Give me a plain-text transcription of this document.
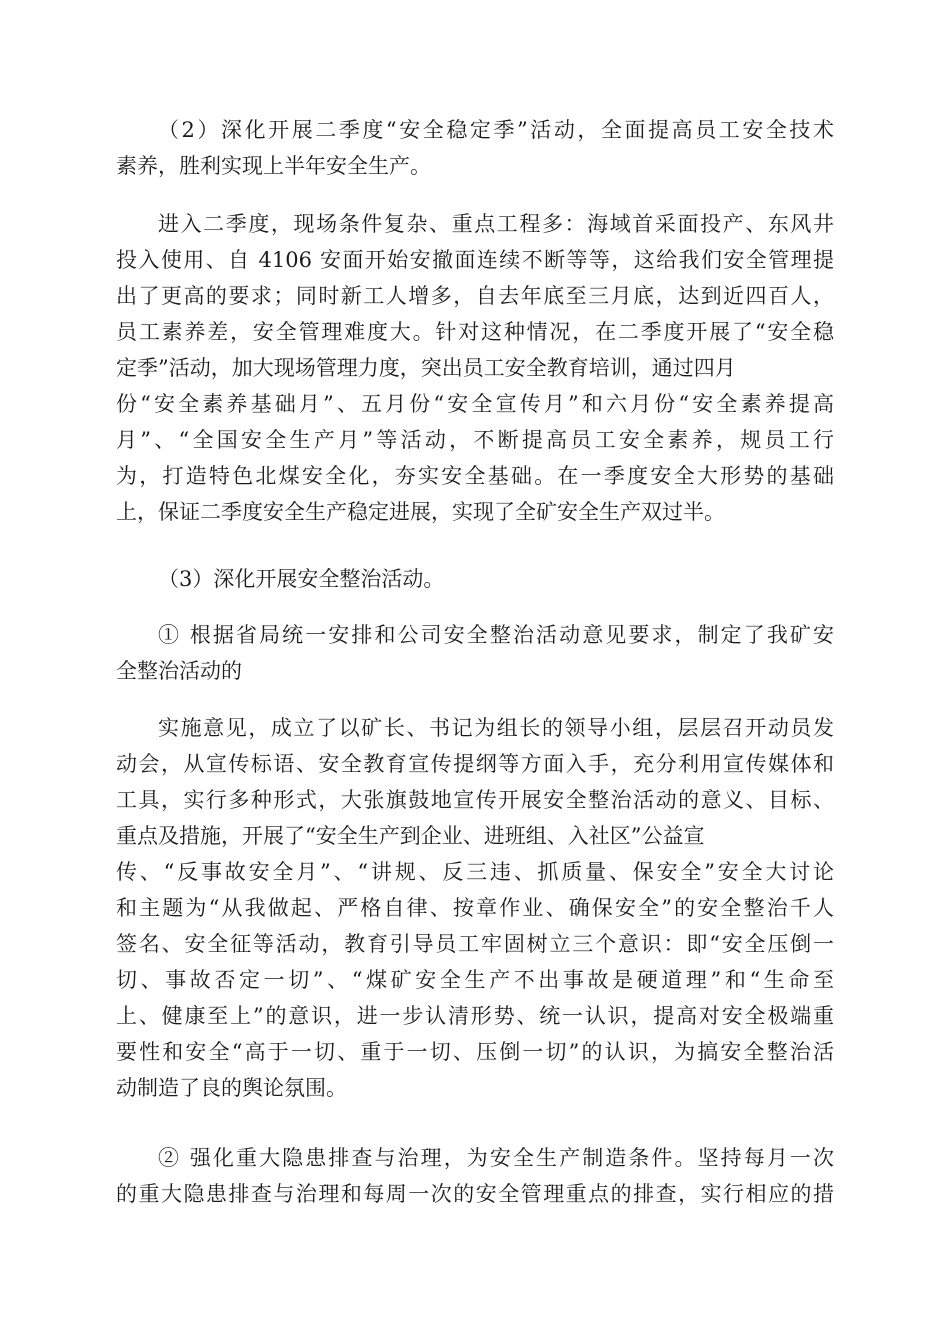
（2）深化开展二季度“安全稳定季”活动，全面提高员工安全技术
素养，胜利实现上半年安全生产。
进入二季度，现场条件复杂、重点工程多：海域首采面投产、东风井
投入使用、自 4106 安面开始安撤面连续不断等等，这给我们安全管理提
出了更高的要求；同时新工人增多，自去年底至三月底，达到近四百人，
员工素养差，安全管理难度大。针对这种情况，在二季度开展了“安全稳
定季”活动，加大现场管理力度，突出员工安全教育培训，通过四月
份“安全素养基础月”、五月份“安全宣传月”和六月份“安全素养提高
月”、“全国安全生产月”等活动，不断提高员工安全素养，规员工行
为，打造特色北煤安全化，夯实安全基础。在一季度安全大形势的基础
上，保证二季度安全生产稳定进展，实现了全矿安全生产双过半。
（3）深化开展安全整治活动。
① 根据省局统一安排和公司安全整治活动意见要求，制定了我矿安
全整治活动的
实施意见，成立了以矿长、书记为组长的领导小组，层层召开动员发
动会，从宣传标语、安全教育宣传提纲等方面入手，充分利用宣传媒体和
工具，实行多种形式，大张旗鼓地宣传开展安全整治活动的意义、目标、
重点及措施，开展了“安全生产到企业、进班组、入社区”公益宣
传、“反事故安全月”、“讲规、反三违、抓质量、保安全”安全大讨论
和主题为“从我做起、严格自律、按章作业、确保安全”的安全整治千人
签名、安全征等活动，教育引导员工牢固树立三个意识：即“安全压倒一
切、事故否定一切”、“煤矿安全生产不出事故是硬道理”和“生命至
上、健康至上”的意识，进一步认清形势、统一认识，提高对安全极端重
要性和安全“高于一切、重于一切、压倒一切”的认识，为搞安全整治活
动制造了良的舆论氛围。
② 强化重大隐患排查与治理，为安全生产制造条件。坚持每月一次
的重大隐患排查与治理和每周一次的安全管理重点的排查，实行相应的措
